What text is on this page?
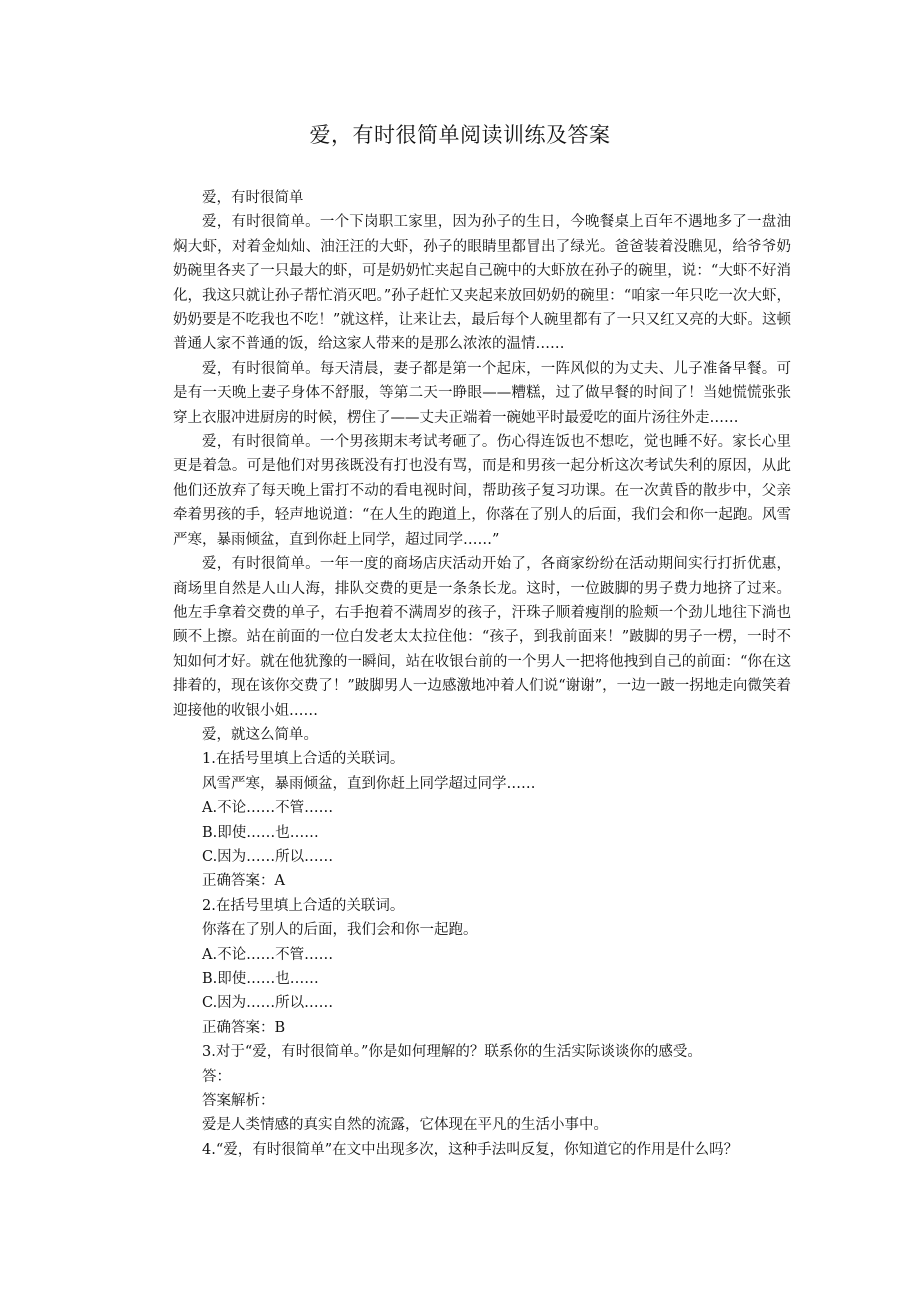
爱，有时很简单阅读训练及答案

爱，有时很简单

爱，有时很简单。一个下岗职工家里，因为孙子的生日，今晚餐桌上百年不遇地多了一盘油焖大虾，对着金灿灿、油汪汪的大虾，孙子的眼睛里都冒出了绿光。爸爸装着没瞧见，给爷爷奶奶碗里各夹了一只最大的虾，可是奶奶忙夹起自己碗中的大虾放在孙子的碗里，说：“大虾不好消化，我这只就让孙子帮忙消灭吧。”孙子赶忙又夹起来放回奶奶的碗里：“咱家一年只吃一次大虾，奶奶要是不吃我也不吃！”就这样，让来让去，最后每个人碗里都有了一只又红又亮的大虾。这顿普通人家不普通的饭，给这家人带来的是那么浓浓的温情……

爱，有时很简单。每天清晨，妻子都是第一个起床，一阵风似的为丈夫、儿子准备早餐。可是有一天晚上妻子身体不舒服，等第二天一睁眼——糟糕，过了做早餐的时间了！当她慌慌张张穿上衣服冲进厨房的时候，楞住了——丈夫正端着一碗她平时最爱吃的面片汤往外走……

爱，有时很简单。一个男孩期末考试考砸了。伤心得连饭也不想吃，觉也睡不好。家长心里更是着急。可是他们对男孩既没有打也没有骂，而是和男孩一起分析这次考试失利的原因，从此他们还放弃了每天晚上雷打不动的看电视时间，帮助孩子复习功课。在一次黄昏的散步中，父亲牵着男孩的手，轻声地说道：“在人生的跑道上，你落在了别人的后面，我们会和你一起跑。风雪严寒，暴雨倾盆，直到你赶上同学，超过同学……”

爱，有时很简单。一年一度的商场店庆活动开始了，各商家纷纷在活动期间实行打折优惠，商场里自然是人山人海，排队交费的更是一条条长龙。这时，一位跛脚的男子费力地挤了过来。他左手拿着交费的单子，右手抱着不满周岁的孩子，汗珠子顺着瘦削的脸颊一个劲儿地往下淌也顾不上擦。站在前面的一位白发老太太拉住他：“孩子，到我前面来！”跛脚的男子一楞，一时不知如何才好。就在他犹豫的一瞬间，站在收银台前的一个男人一把将他拽到自己的前面：“你在这排着的，现在该你交费了！”跛脚男人一边感激地冲着人们说“谢谢”，一边一跛一拐地走向微笑着迎接他的收银小姐……

爱，就这么简单。

1.在括号里填上合适的关联词。

风雪严寒，暴雨倾盆，直到你赶上同学超过同学……

A.不论……不管……

B.即使……也……

C.因为……所以……

正确答案：A

2.在括号里填上合适的关联词。

你落在了别人的后面，我们会和你一起跑。

A.不论……不管……

B.即使……也……

C.因为……所以……

正确答案：B

3.对于“爱，有时很简单。”你是如何理解的？联系你的生活实际谈谈你的感受。

答：

答案解析：

爱是人类情感的真实自然的流露，它体现在平凡的生活小事中。

4.“爱，有时很简单”在文中出现多次，这种手法叫反复，你知道它的作用是什么吗？
